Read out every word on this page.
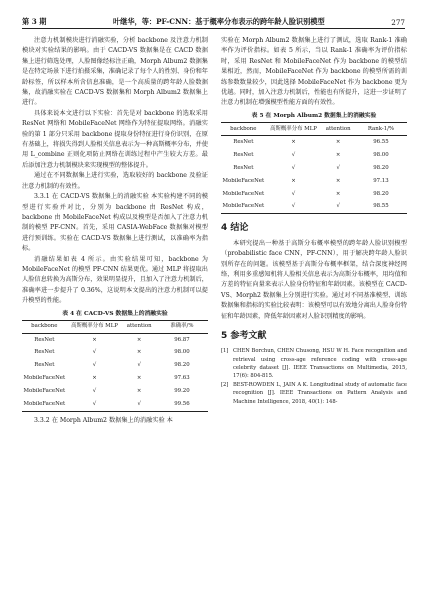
第 3 期	叶继华，等：PF-CNN：基于概率分布表示的跨年龄人脸识别模型	277

注意力机制模块进行消融实验，分析 backbone 及注意力机制模块对实验结果的影响。由于 CACD-VS 数据集是在 CACD 数据集上进行筛选处理，人脸图像经标注正确，Morph Album2 数据集是在特定场景下进行拍摄采集，准确记录了每个人的性别、身份和年龄标签，所以样本所含信息准确，是一个高质量的跨年龄人脸数据集，故消融实验在 CACD-VS 数据集和 Morph Album2 数据集上进行。

具体来说本文进行以下实验：首先是对 backbone 的选取采用 ResNet 网络和 MobileFaceNet 网络作为特征提取网络。消融实验的第 1 部分只采用 backbone 提取身份特征进行身份识别，在原有基础上，将损失得到人脸相关信息表示为一种高斯概率分布，并使用 L_combine 正则化项防止网络在训练过程中产生较大方差。最后添加注意力机制模块来实现模型的整体提升。

通过在不同数据集上进行实验，选取较好的 backbone 及验证注意力机制的有效性。

3.3.1 在 CACD-VS 数据集上的消融实验 本实验构建不同的模型进行实验并对比，分别为 backbone 由 ResNet 构成，backbone 由 MobileFaceNet 构成以及模型是否加入了注意力机制的模型 PF-CNN。首先，采用 CASIA-WebFace 数据集对模型进行预训练。实验在 CACD-VS 数据集上进行测试，以准确率为指标。

消融结果如表 4 所示。由实验结果可知，backbone 为 MobileFaceNet 的模型 PF-CNN 结果更优。通过 MLP 将提取出人脸信息转换为高斯分布，效果明显提升，且加入了注意力机制后，准确率进一步提升了 0.36%，这说明本文提出的注意力机制可以提升模型的性能。

表 4 在 CACD-VS 数据集上的消融实验
backbone	高斯概率分布 MLP	attention	准确率/%
ResNet	×	×	96.87
ResNet	√	×	98.00
ResNet	√	√	98.20
MobileFaceNet	×	×	97.63
MobileFaceNet	√	×	99.20
MobileFaceNet	√	√	99.56

3.3.2 在 Morph Album2 数据集上的消融实验 本

实验在 Morph Album2 数据集上进行了测试，选取 Rank-1 准确率作为评价指标。如表 5 所示，当以 Rank-1 准确率为评价指标时，采用 ResNet 和 MobileFaceNet 作为 backbone 的模型结果相近，然而，MobileFaceNet 作为 backbone 的模型所需的训练参数数量较少，因此选择 MobileFaceNet 作为 backbone 更为优越。同时，加入注意力机制后，性能也有所提升，这进一步证明了注意力机制在增强模型性能方面的有效性。

表 5 在 Morph Album2 数据集上的消融实验
backbone	高斯概率分布 MLP	attention	Rank-1/%
ResNet	×	×	96.55
ResNet	√	×	98.00
ResNet	√	√	98.20
MobileFaceNet	×	×	97.13
MobileFaceNet	√	×	98.20
MobileFaceNet	√	√	98.55
4 结论

本研究提出一种基于高斯分布概率模型的跨年龄人脸识别模型（probabilistic face CNN，PF-CNN），用于解决跨年龄人脸识别所存在的问题。该模型基于高斯分布概率框架，结合深度神经网络，利用多重感知机将人脸相关信息表示为高斯分布概率，用均值和方差的特征向量来表示人脸身份特征和年龄因素。该模型在 CACD-VS、Morph2 数据集上分别进行实验。通过对不同基准模型、训练数据集和指标的实验比较表明：该模型可以有效地分离出人脸身份特征和年龄因素，降低年龄因素对人脸识别精度的影响。

5 参考文献

[1] CHEN Borchun, CHEN Chusong, HSU W H. Face recognition and retrieval using cross-age reference coding with cross-age celebrity dataset [J]. IEEE Transactions on Multimedia, 2015, 17(6): 804-815.

[2] BEST-ROWDEN L, JAIN A K. Longitudinal study of automatic face recognition [J]. IEEE Transactions on Pattern Analysis and Machine Intelligence, 2018, 40(1): 148-
